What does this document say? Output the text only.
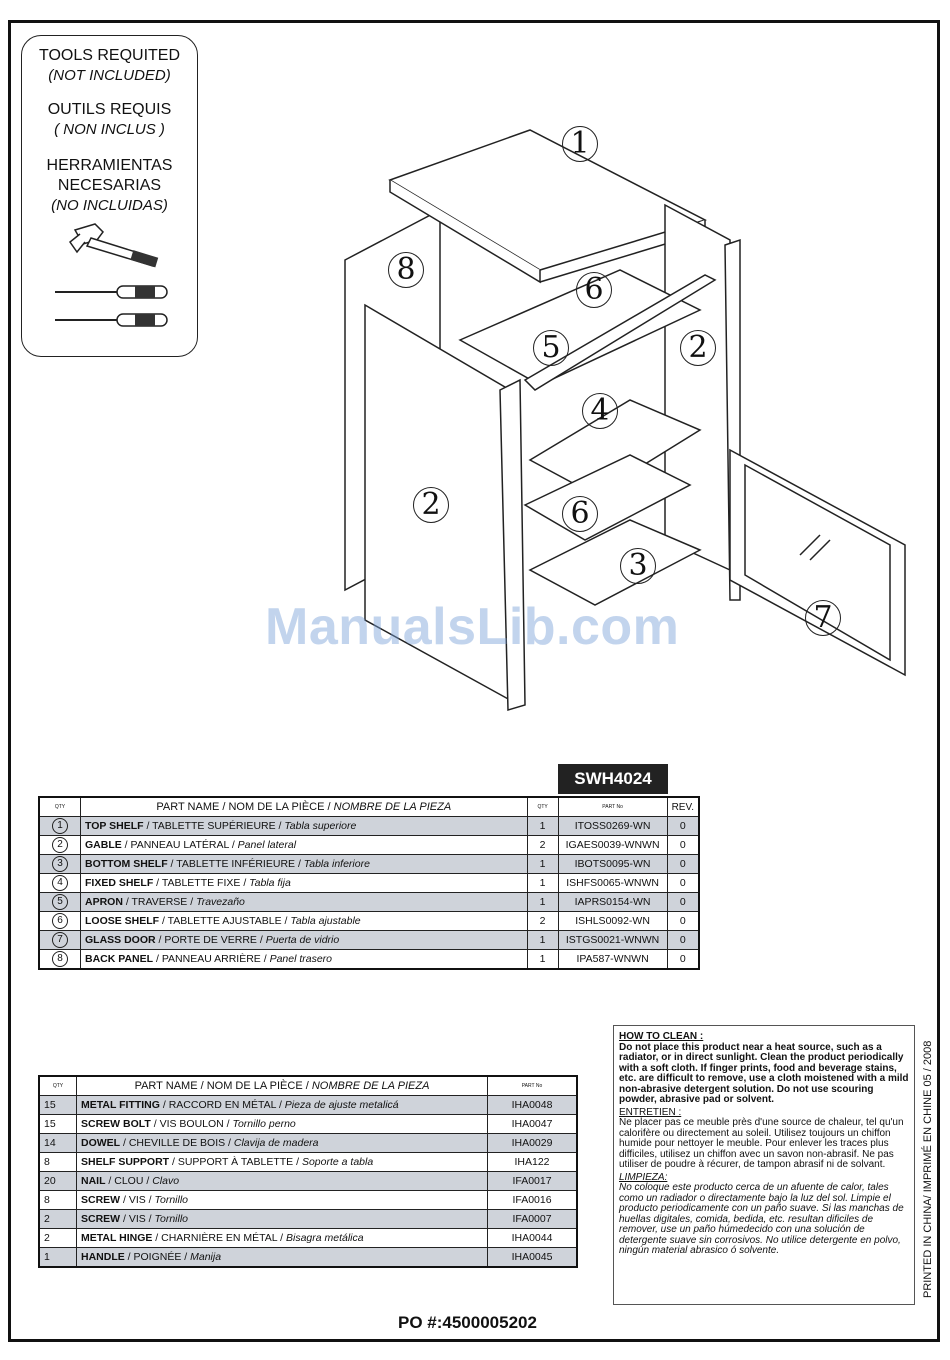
TOOLS REQUITED
(NOT INCLUDED)
OUTILS REQUIS
( NON INCLUS )
HERRAMIENTAS
NECESARIAS
(NO INCLUIDAS)
1
8
6
5	2
4
2	6
3
7
ManualsLib.com
SWH4024
QTY	PART NAME / NOM DE LA PIÈCE / NOMBRE DE LA PIEZA	QTY	PART No	REV.
1	TOP SHELF / TABLETTE SUPÉRIEURE / Tabla superiore	1	ITOSS0269-WN	0
2	GABLE / PANNEAU LATÉRAL / Panel lateral	2	IGAES0039-WNWN	0
3	BOTTOM SHELF / TABLETTE INFÉRIEURE / Tabla inferiore	1	IBOTS0095-WN	0
4	FIXED SHELF / TABLETTE FIXE / Tabla fija	1	ISHFS0065-WNWN	0
5	APRON / TRAVERSE / Travezaño	1	IAPRS0154-WN	0
6	LOOSE SHELF / TABLETTE AJUSTABLE / Tabla ajustable	2	ISHLS0092-WN	0
7	GLASS DOOR / PORTE DE VERRE / Puerta de vidrio	1	ISTGS0021-WNWN	0
8	BACK PANEL / PANNEAU ARRIÈRE / Panel trasero	1	IPA587-WNWN	0
QTY	PART NAME / NOM DE LA PIÈCE / NOMBRE DE LA PIEZA	PART No
15	METAL FITTING / RACCORD EN MÉTAL / Pieza de ajuste metalicá	IHA0048
15	SCREW BOLT / VIS BOULON / Tornillo perno	IHA0047
14	DOWEL / CHEVILLE DE BOIS / Clavija de madera	IHA0029
8	SHELF SUPPORT / SUPPORT À TABLETTE / Soporte a tabla	IHA122
20	NAIL / CLOU / Clavo	IFA0017
8	SCREW / VIS / Tornillo	IFA0016
2	SCREW / VIS / Tornillo	IFA0007
2	METAL HINGE / CHARNIÈRE EN MÉTAL / Bisagra metálica	IHA0044
1	HANDLE / POIGNÉE / Manija	IHA0045
HOW TO CLEAN :
Do not place this product near a heat source, such as a radiator, or in direct sunlight. Clean the product periodically with a soft cloth. If finger prints, food and beverage stains, etc. are difficult to remove, use a cloth moistened with a mild non-abrasive detergent solution. Do not use scouring powder, abrasive pad or solvent.
ENTRETIEN :
Ne placer pas ce meuble près d'une source de chaleur, tel qu'un calorifère ou directement au soleil. Utilisez toujours un chiffon humide pour nettoyer le meuble. Pour enlever les traces plus difficiles, utilisez un chiffon avec un savon non-abrasif. Ne pas utiliser de poudre à récurer, de tampon abrasif ni de solvant.
LIMPIEZA:
No coloque este producto cerca de un afuente de calor, tales como un radiador o directamente bajo la luz del sol. Limpie el producto periodicamente con un paño suave. Si las manchas de huellas digitales, comida, bedida, etc. resultan dificiles de remover, use un paño húmedecido con una solución de detergente suave sin corrosivos. No utilice detergente en polvo, ningún material abrasico ó solvente.	PRINTED IN CHINA/ IMPRIMÉ EN CHINE 05 / 2008
PO #:4500005202
